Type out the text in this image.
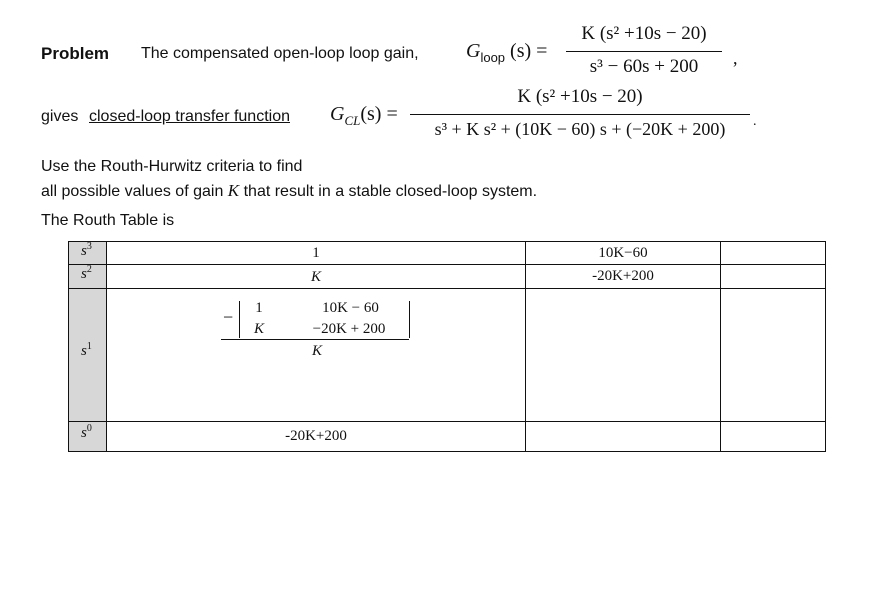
Problem The compensated open-loop loop gain, $G_{loop}$ (s) =
K (s² +10s − 20)
s³ − 60s + 200	,
gives closed-loop transfer function $G_{CL}(s)$ =
K (s² +10s − 20)
s³ + K s² + (10K − 60) s + (−20K + 200)	.
Use the Routh-Hurwitz criteria to find
all possible values of gain K that result in a stable closed-loop system.
The Routh Table is
$s^3$	1	10K−60
$s^2$	K	-20K+200
$s^1$
−	1	10K − 60
K	−20K + 200
K
$s^0$	-20K+200
